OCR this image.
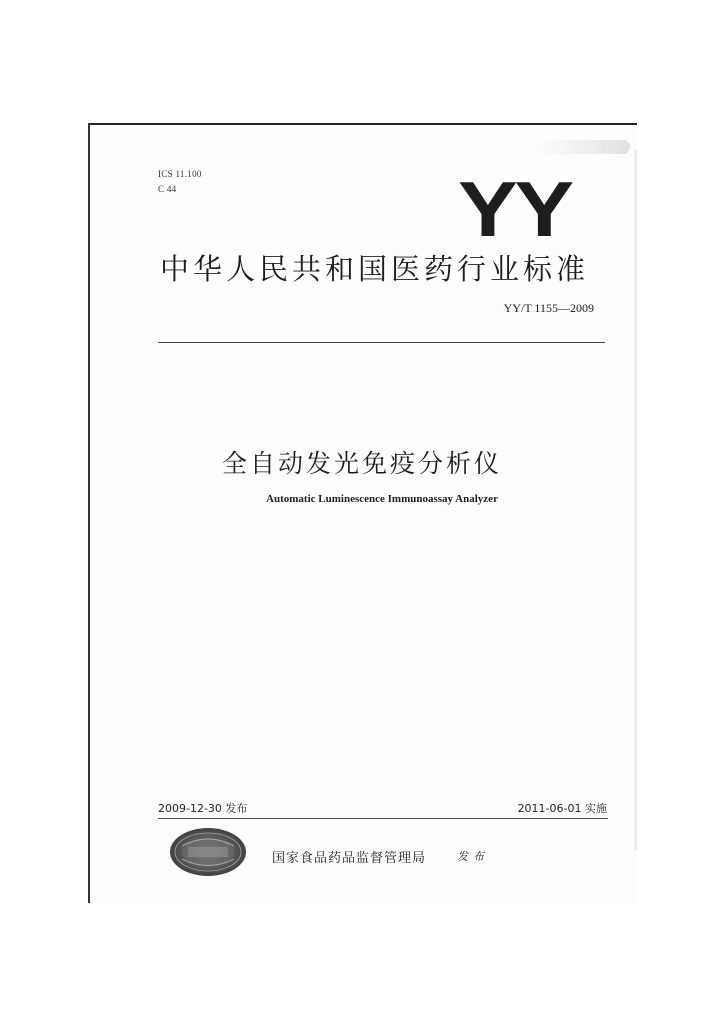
ICS 11.100
C 44	YY
中华人民共和国医药行业标准
YY/T 1155—2009
全自动发光免疫分析仪
Automatic Luminescence Immunoassay Analyzer
2009-12-30 发布	2011-06-01 实施
国家食品药品监督管理局	发布
